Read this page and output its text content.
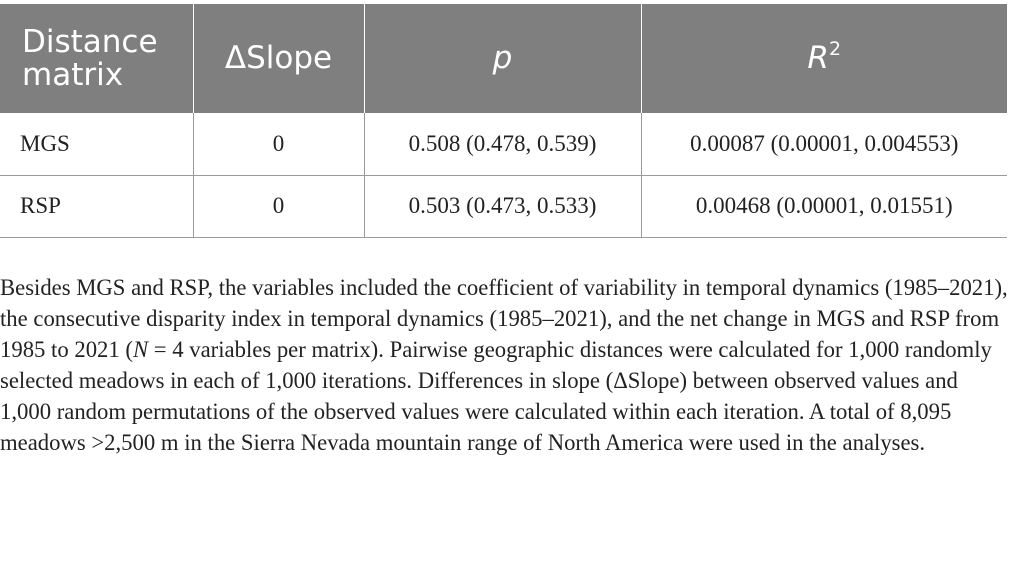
Distance matrix	ΔSlope	p	$R^2$
MGS	0	0.508 (0.478, 0.539)	0.00087 (0.00001, 0.004553)
RSP	0	0.503 (0.473, 0.533)	0.00468 (0.00001, 0.01551)

Besides MGS and RSP, the variables included the coefficient of variability in temporal dynamics (1985–2021), the consecutive disparity index in temporal dynamics (1985–2021), and the net change in MGS and RSP from 1985 to 2021 (N = 4 variables per matrix). Pairwise geographic distances were calculated for 1,000 randomly selected meadows in each of 1,000 iterations. Differences in slope (ΔSlope) between observed values and 1,000 random permutations of the observed values were calculated within each iteration. A total of 8,095 meadows >2,500 m in the Sierra Nevada mountain range of North America were used in the analyses.
